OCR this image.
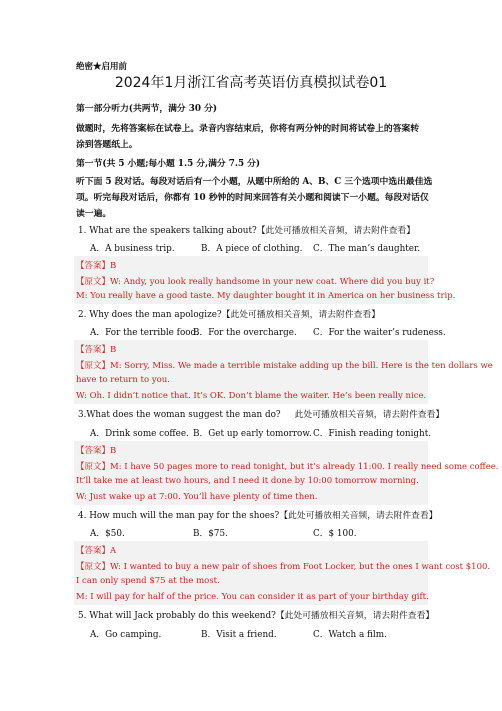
绝密★启用前
2024年1月浙江省高考英语仿真模拟试卷01
第一部分听力(共两节，满分 30 分)
做题时，先将答案标在试卷上。录音内容结束后，你将有两分钟的时间将试卷上的答案转
涂到答题纸上。
第一节(共 5 小题;每小题 1.5 分,满分 7.5 分)
听下面 5 段对话。每段对话后有一个小题，从题中所给的 A、B、C 三个选项中选出最佳选
项。听完每段对话后，你都有 10 秒钟的时间来回答有关小题和阅读下一小题。每段对话仅
读一遍。
1. What are the speakers talking about?【此处可播放相关音频，请去附件查看】
A．A business trip.	B．A piece of clothing. C．The man’s daughter.
【答案】B
【原文】W: Andy, you look really handsome in your new coat. Where did you buy it?
M: You really have a good taste. My daughter bought it in America on her business trip.
2. Why does the man apologize?【此处可播放相关音频，请去附件查看】
A．For the terrible food.
B．For the overcharge. C．For the waiter’s rudeness.
【答案】B
【原文】M: Sorry, Miss. We made a terrible mistake adding up the bill. Here is the ten dollars we
have to return to you.
W: Oh. I didn’t notice that. It’s OK. Don’t blame the waiter. He’s been really nice.
3.What does the woman suggest the man do? 此处可播放相关音频，请去附件查看】
A．Drink some coffee. B．Get up early tomorrow. C．Finish reading tonight.
【答案】B
【原文】M: I have 50 pages more to read tonight, but it’s already 11:00. I really need some coffee.
It’ll take me at least two hours, and I need it done by 10:00 tomorrow morning.
W: Just wake up at 7:00. You’ll have plenty of time then.
4. How much will the man pay for the shoes?【此处可播放相关音频，请去附件查看】
A．$50.	B．$75.	C．$ 100.
【答案】A
【原文】W: I wanted to buy a new pair of shoes from Foot Locker, but the ones I want cost $100.
I can only spend $75 at the most.
M: I will pay for half of the price. You can consider it as part of your birthday gift.
5. What will Jack probably do this weekend?【此处可播放相关音频，请去附件查看】
A．Go camping.	B．Visit a friend.	C．Watch a film.
